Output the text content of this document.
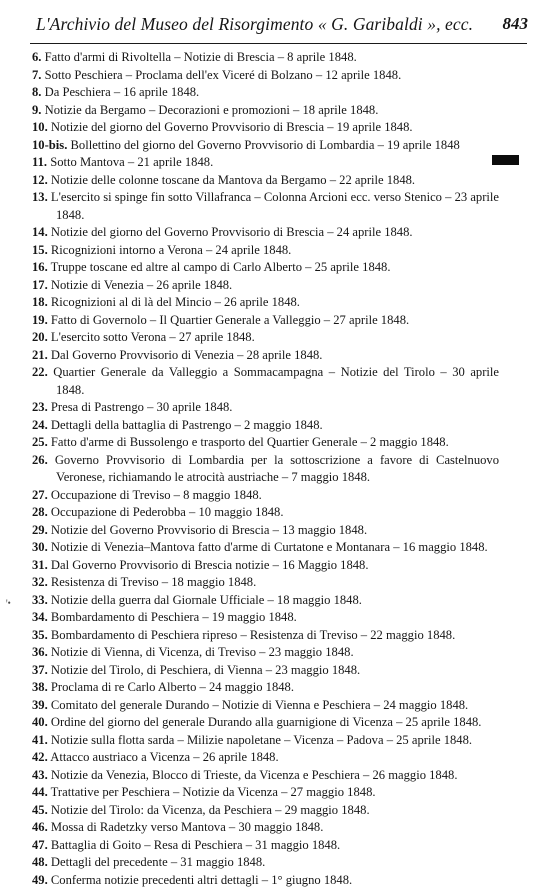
L'Archivio del Museo del Risorgimento « G. Garibaldi », ecc. 843
6. Fatto d'armi di Rivoltella – Notizie di Brescia – 8 aprile 1848.
7. Sotto Peschiera – Proclama dell'ex Viceré di Bolzano – 12 aprile 1848.
8. Da Peschiera – 16 aprile 1848.
9. Notizie da Bergamo – Decorazioni e promozioni – 18 aprile 1848.
10. Notizie del giorno del Governo Provvisorio di Brescia – 19 aprile 1848.
10-bis. Bollettino del giorno del Governo Provvisorio di Lombardia – 19 aprile 1848
11. Sotto Mantova – 21 aprile 1848.
12. Notizie delle colonne toscane da Mantova da Bergamo – 22 aprile 1848.
13. L'esercito si spinge fin sotto Villafranca – Colonna Arcioni ecc. verso Stenico – 23 aprile 1848.
14. Notizie del giorno del Governo Provvisorio di Brescia – 24 aprile 1848.
15. Ricognizioni intorno a Verona – 24 aprile 1848.
16. Truppe toscane ed altre al campo di Carlo Alberto – 25 aprile 1848.
17. Notizie di Venezia – 26 aprile 1848.
18. Ricognizioni al di là del Mincio – 26 aprile 1848.
19. Fatto di Governolo – Il Quartier Generale a Valleggio – 27 aprile 1848.
20. L'esercito sotto Verona – 27 aprile 1848.
21. Dal Governo Provvisorio di Venezia – 28 aprile 1848.
22. Quartier Generale da Valleggio a Sommacampagna – Notizie del Tirolo – 30 aprile 1848.
23. Presa di Pastrengo – 30 aprile 1848.
24. Dettagli della battaglia di Pastrengo – 2 maggio 1848.
25. Fatto d'arme di Bussolengo e trasporto del Quartier Generale – 2 maggio 1848.
26. Governo Provvisorio di Lombardia per la sottoscrizione a favore di Castelnuovo Veronese, richiamando le atrocità austriache – 7 maggio 1848.
27. Occupazione di Treviso – 8 maggio 1848.
28. Occupazione di Pederobba – 10 maggio 1848.
29. Notizie del Governo Provvisorio di Brescia – 13 maggio 1848.
30. Notizie di Venezia–Mantova fatto d'arme di Curtatone e Montanara – 16 maggio 1848.
31. Dal Governo Provvisorio di Brescia notizie – 16 Maggio 1848.
32. Resistenza di Treviso – 18 maggio 1848.
33. Notizie della guerra dal Giornale Ufficiale – 18 maggio 1848.
34. Bombardamento di Peschiera – 19 maggio 1848.
35. Bombardamento di Peschiera ripreso – Resistenza di Treviso – 22 maggio 1848.
36. Notizie di Vienna, di Vicenza, di Treviso – 23 maggio 1848.
37. Notizie del Tirolo, di Peschiera, di Vienna – 23 maggio 1848.
38. Proclama di re Carlo Alberto – 24 maggio 1848.
39. Comitato del generale Durando – Notizie di Vienna e Peschiera – 24 maggio 1848.
40. Ordine del giorno del generale Durando alla guarnigione di Vicenza – 25 aprile 1848.
41. Notizie sulla flotta sarda – Milizie napoletane – Vicenza – Padova – 25 aprile 1848.
42. Attacco austriaco a Vicenza – 26 aprile 1848.
43. Notizie da Venezia, Blocco di Trieste, da Vicenza e Peschiera – 26 maggio 1848.
44. Trattative per Peschiera – Notizie da Vicenza – 27 maggio 1848.
45. Notizie del Tirolo: da Vicenza, da Peschiera – 29 maggio 1848.
46. Mossa di Radetzky verso Mantova – 30 maggio 1848.
47. Battaglia di Goito – Resa di Peschiera – 31 maggio 1848.
48. Dettagli del precedente – 31 maggio 1848.
49. Conferma notizie precedenti altri dettagli – 1° giugno 1848.
ꞌ•
